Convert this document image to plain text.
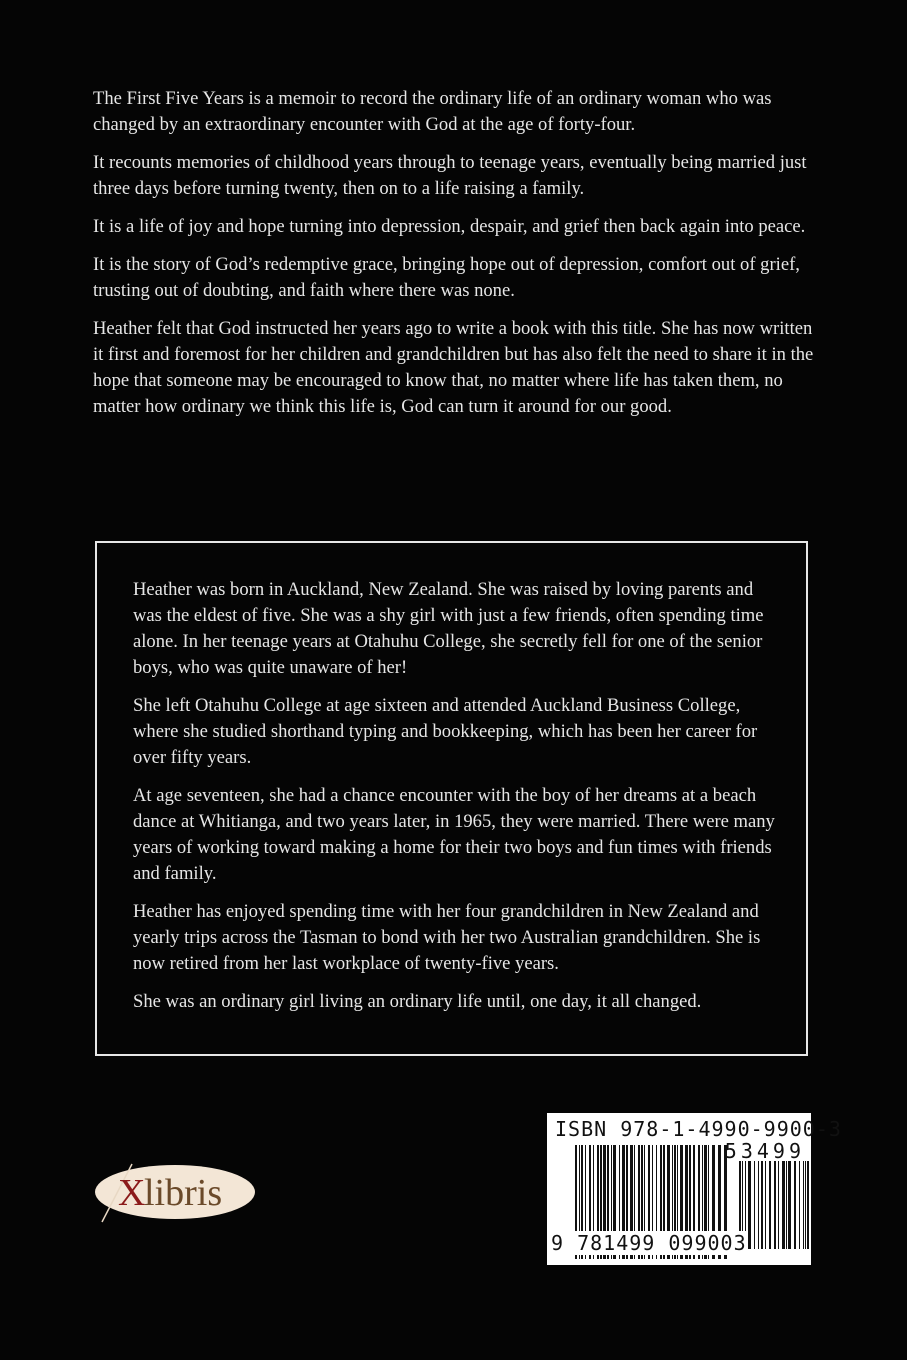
The First Five Years is a memoir to record the ordinary life of an ordinary woman who was changed by an extraordinary encounter with God at the age of forty-four.

It recounts memories of childhood years through to teenage years, eventually being married just three days before turning twenty, then on to a life raising a family.

It is a life of joy and hope turning into depression, despair, and grief then back again into peace.

It is the story of God’s redemptive grace, bringing hope out of depression, comfort out of grief, trusting out of doubting, and faith where there was none.

Heather felt that God instructed her years ago to write a book with this title. She has now written it first and foremost for her children and grandchildren but has also felt the need to share it in the hope that someone may be encouraged to know that, no matter where life has taken them, no matter how ordinary we think this life is, God can turn it around for our good.

Heather was born in Auckland, New Zealand. She was raised by loving parents and was the eldest of five. She was a shy girl with just a few friends, often spending time alone. In her teenage years at Otahuhu College, she secretly fell for one of the senior boys, who was quite unaware of her!

She left Otahuhu College at age sixteen and attended Auckland Business College, where she studied shorthand typing and bookkeeping, which has been her career for over fifty years.

At age seventeen, she had a chance encounter with the boy of her dreams at a beach dance at Whitianga, and two years later, in 1965, they were married. There were many years of working toward making a home for their two boys and fun times with friends and family.

Heather has enjoyed spending time with her four grandchildren in New Zealand and yearly trips across the Tasman to bond with her two Australian grandchildren. She is now retired from her last workplace of twenty-five years.

She was an ordinary girl living an ordinary life until, one day, it all changed.

X
libris
ISBN 978-1-4990-9900-3
53499
9 781499 099003
